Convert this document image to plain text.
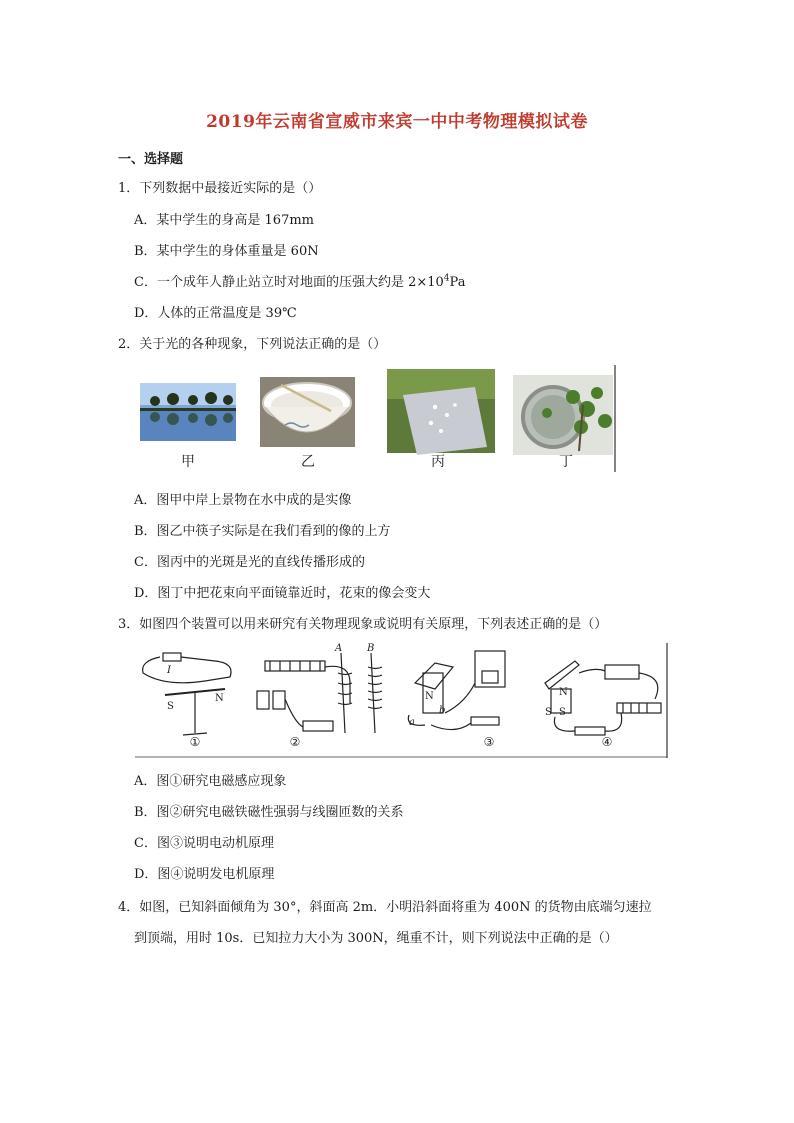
2019年云南省宣威市来宾一中中考物理模拟试卷
一、选择题
1．下列数据中最接近实际的是（）
A．某中学生的身高是 167mm
B．某中学生的身体重量是 60N
C．一个成年人静止站立时对地面的压强大约是 $2\times 10^4Pa$
D．人体的正常温度是 39℃
2．关于光的各种现象，下列说法正确的是（）
甲	乙	丙	丁
A．图甲中岸上景物在水中成的是实像
B．图乙中筷子实际是在我们看到的像的上方
C．图丙中的光斑是光的直线传播形成的
D．图丁中把花束向平面镜靠近时，花束的像会变大
3．如图四个装置可以用来研究有关物理现象或说明有关原理，下列表述正确的是（）
I
S
N
A B
N
a
b
N
S S
①	②	③	④
A．图①研究电磁感应现象
B．图②研究电磁铁磁性强弱与线圈匝数的关系
C．图③说明电动机原理
D．图④说明发电机原理
4．如图，已知斜面倾角为 30°，斜面高 2m．小明沿斜面将重为 400N 的货物由底端匀速拉
到顶端，用时 10s．已知拉力大小为 300N，绳重不计，则下列说法中正确的是（）
